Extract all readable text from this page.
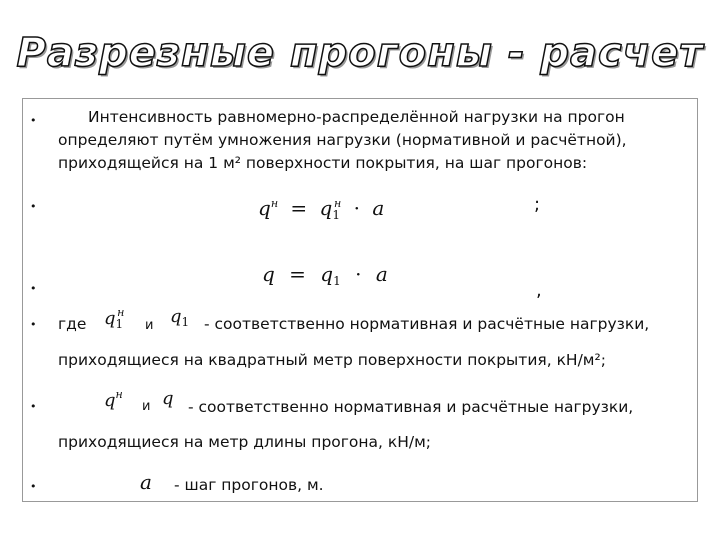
Разрезные прогоны - расчет
•	Интенсивность равномерно-распределённой нагрузки на прогон
определяют путём умножения нагрузки (нормативной и расчётной),
приходящейся на 1 м² поверхности покрытия, на шаг прогонов:
•	$q^н = q_1^н \cdot a$	;
•
$q = q_1 \cdot a$
,
• где $q_1^н$
и $q_1$ - соответственно нормативная и расчётные нагрузки,
приходящиеся на квадратный метр поверхности покрытия, кН/м²;
•	$q^н$
и q - соответственно нормативная и расчётные нагрузки,
приходящиеся на метр длины прогона, кН/м;
•	a - шаг прогонов, м.
